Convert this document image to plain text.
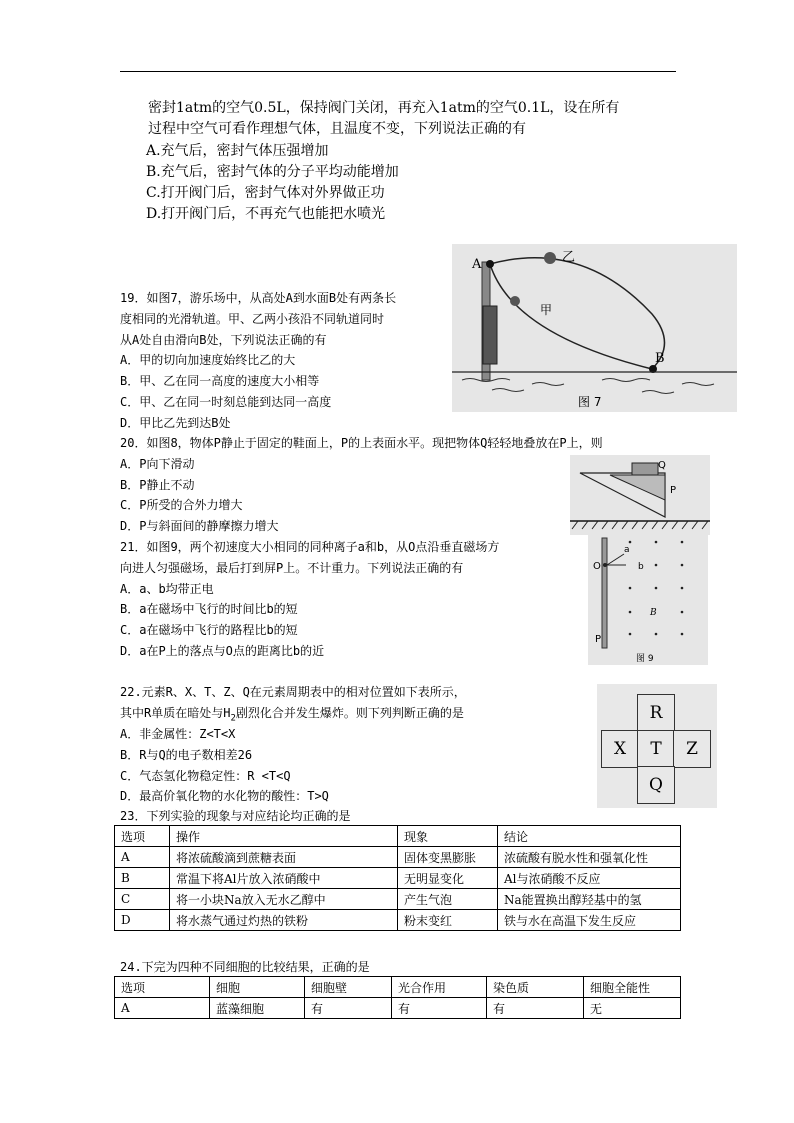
密封1atm的空气0.5L，保持阀门关闭，再充入1atm的空气0.1L，设在所有
过程中空气可看作理想气体，且温度不变，下列说法正确的有
A.充气后，密封气体压强增加
B.充气后，密封气体的分子平均动能增加
C.打开阀门后，密封气体对外界做正功
D.打开阀门后，不再充气也能把水喷光
19．如图7，游乐场中，从高处A到水面B处有两条长
度相同的光滑轨道。甲、乙两小孩沿不同轨道同时
从A处自由滑向B处，下列说法正确的有
A．甲的切向加速度始终比乙的大
B．甲、乙在同一高度的速度大小相等
C．甲、乙在同一时刻总能到达同一高度
D．甲比乙先到达B处
A
B
乙
甲
图 7
20．如图8，物体P静止于固定的鞋面上，P的上表面水平。现把物体Q轻轻地叠放在P上，则
A．P向下滑动
B．P静止不动
C．P所受的合外力增大
D．P与斜面间的静摩擦力增大
Q
P
21．如图9，两个初速度大小相同的同种离子a和b，从O点沿垂直磁场方
向进人匀强磁场，最后打到屏P上。不计重力。下列说法正确的有
A．a、b均带正电
B．a在磁场中飞行的时间比b的短
C．a在磁场中飞行的路程比b的短
D．a在P上的落点与O点的距离比b的近
O
a
b
B
P
图 9
22.元素R、X、T、Z、Q在元素周期表中的相对位置如下表所示，
其中R单质在暗处与$H_2$剧烈化合并发生爆炸。则下列判断正确的是
A．非金属性：Z<T<X
B．R与Q的电子数相差26
C．气态氢化物稳定性：R <T<Q
D．最高价氧化物的水化物的酸性：T>Q
R
X	T	Z
Q
23．下列实验的现象与对应结论均正确的是
选项	操作	现象	结论
A	将浓硫酸滴到蔗糖表面	固体变黑膨胀	浓硫酸有脱水性和强氧化性
B	常温下将Al片放入浓硝酸中	无明显变化	Al与浓硝酸不反应
C	将一小块Na放入无水乙醇中	产生气泡	Na能置换出醇羟基中的氢
D	将水蒸气通过灼热的铁粉	粉末变红	铁与水在高温下发生反应
24.下完为四种不同细胞的比较结果，正确的是
选项	细胞	细胞壁	光合作用	染色质	细胞全能性
A	蓝藻细胞	有	有	有	无
